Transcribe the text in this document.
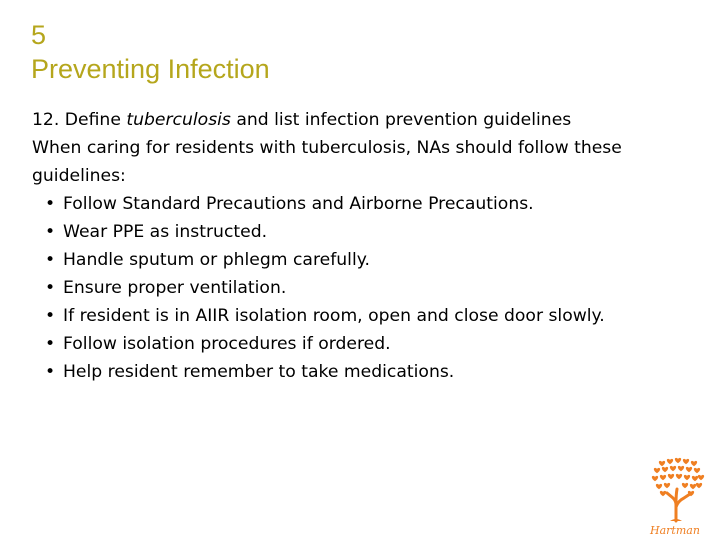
5
Preventing Infection

12. Define tuberculosis and list infection prevention guidelines

When caring for residents with tuberculosis, NAs should follow these guidelines:

• Follow Standard Precautions and Airborne Precautions.
• Wear PPE as instructed.
• Handle sputum or phlegm carefully.
• Ensure proper ventilation.
• If resident is in AIIR isolation room, open and close door slowly.
• Follow isolation procedures if ordered.
• Help resident remember to take medications.
Hartman
